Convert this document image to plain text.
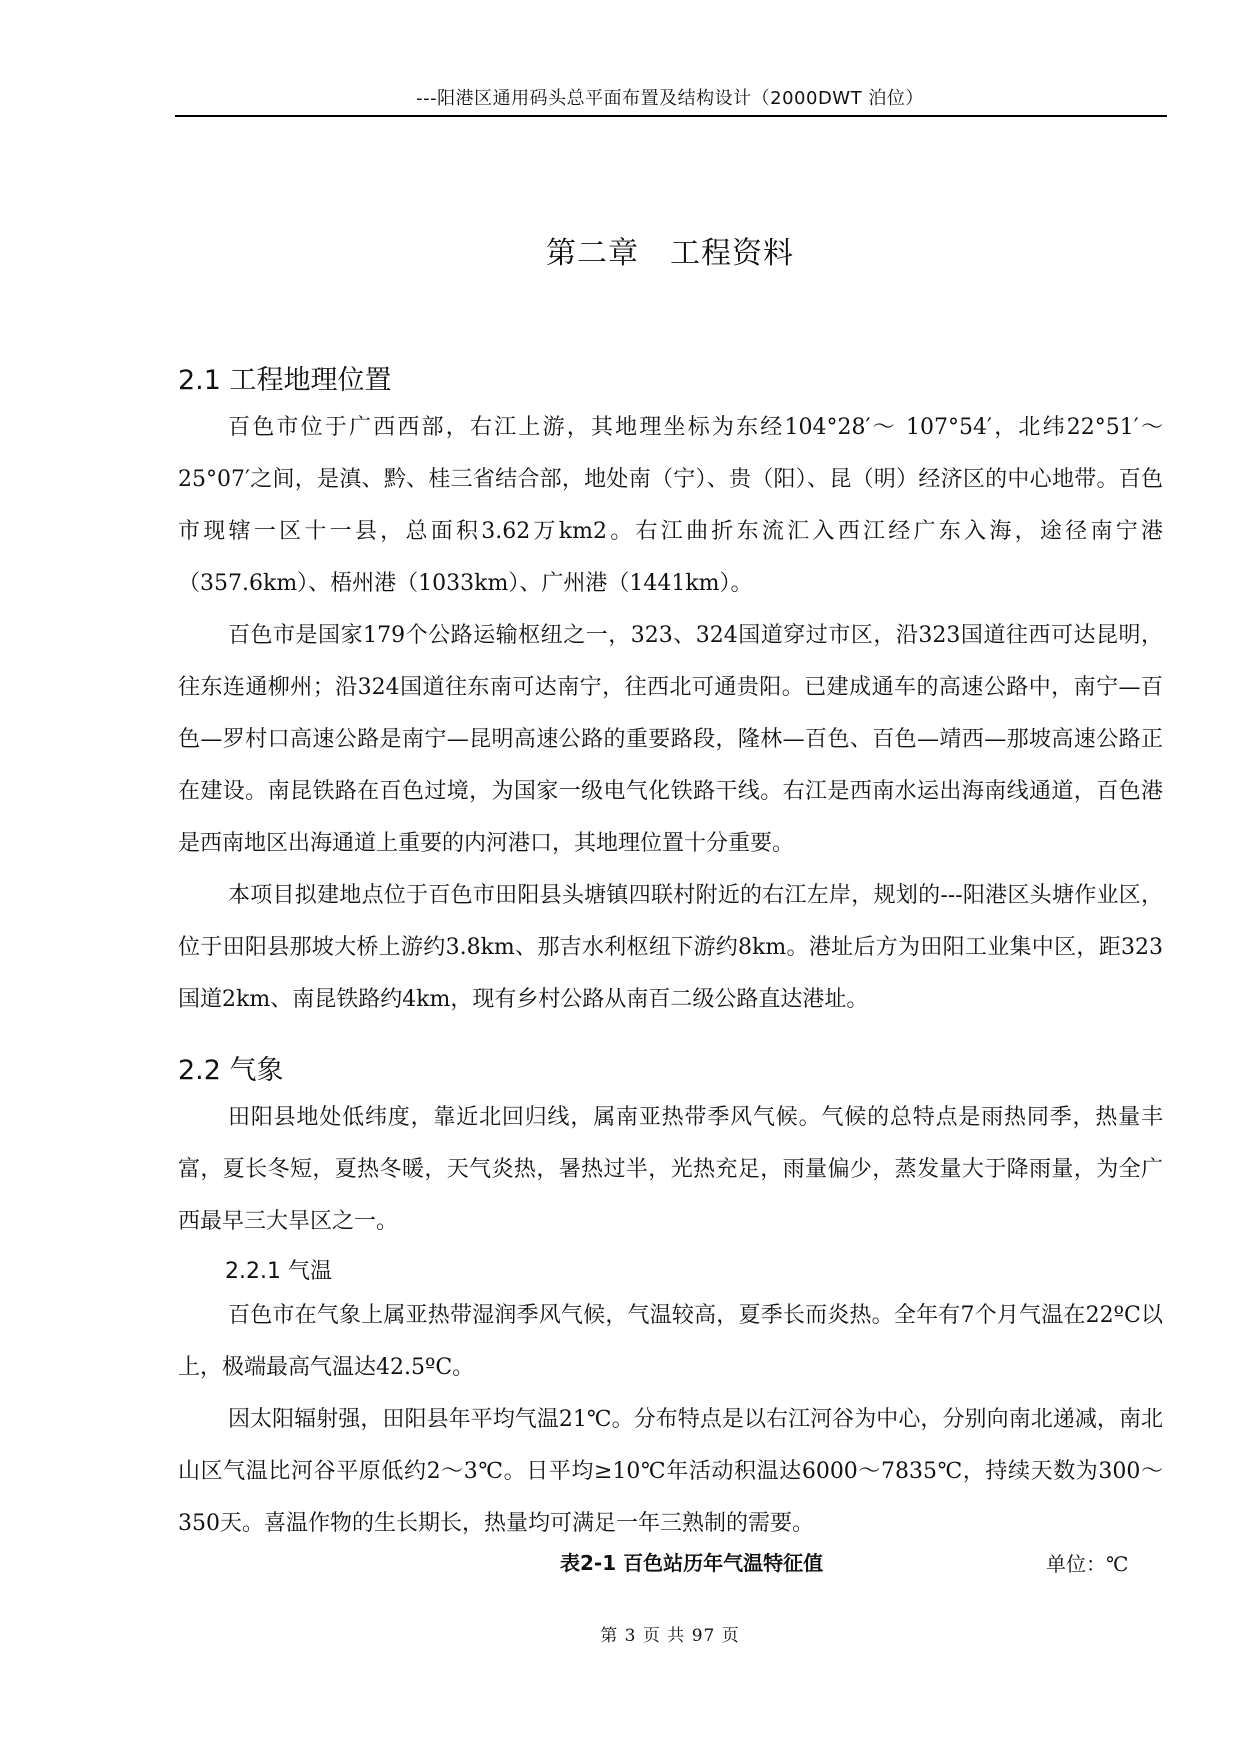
---阳港区通用码头总平面布置及结构设计（2000DWT 泊位）
第二章　工程资料
2.1 工程地理位置

百色市位于广西西部，右江上游，其地理坐标为东经104°28′～ 107°54′，北纬22°51′～25°07′之间，是滇、黔、桂三省结合部，地处南（宁）、贵（阳）、昆（明）经济区的中心地带。百色市现辖一区十一县，总面积3.62万km2。右江曲折东流汇入西江经广东入海，途径南宁港（357.6km）、梧州港（1033km）、广州港（1441km）。

百色市是国家179个公路运输枢纽之一，323、324国道穿过市区，沿323国道往西可达昆明，往东连通柳州；沿324国道往东南可达南宁，往西北可通贵阳。已建成通车的高速公路中，南宁—百色—罗村口高速公路是南宁—昆明高速公路的重要路段，隆林—百色、百色—靖西—那坡高速公路正在建设。南昆铁路在百色过境，为国家一级电气化铁路干线。右江是西南水运出海南线通道，百色港是西南地区出海通道上重要的内河港口，其地理位置十分重要。

本项目拟建地点位于百色市田阳县头塘镇四联村附近的右江左岸，规划的---阳港区头塘作业区，位于田阳县那坡大桥上游约3.8km、那吉水利枢纽下游约8km。港址后方为田阳工业集中区，距323国道2km、南昆铁路约4km，现有乡村公路从南百二级公路直达港址。

2.2 气象

田阳县地处低纬度，靠近北回归线，属南亚热带季风气候。气候的总特点是雨热同季，热量丰富，夏长冬短，夏热冬暖，天气炎热，暑热过半，光热充足，雨量偏少，蒸发量大于降雨量，为全广西最早三大旱区之一。

2.2.1 气温

百色市在气象上属亚热带湿润季风气候，气温较高，夏季长而炎热。全年有7个月气温在22ºC以上，极端最高气温达42.5ºC。

因太阳辐射强，田阳县年平均气温21℃。分布特点是以右江河谷为中心，分别向南北递减，南北山区气温比河谷平原低约2～3℃。日平均≥10℃年活动积温达6000～7835℃，持续天数为300～350天。喜温作物的生长期长，热量均可满足一年三熟制的需要。

表2-1 百色站历年气温特征值	单位：℃
第 3 页 共 97 页
